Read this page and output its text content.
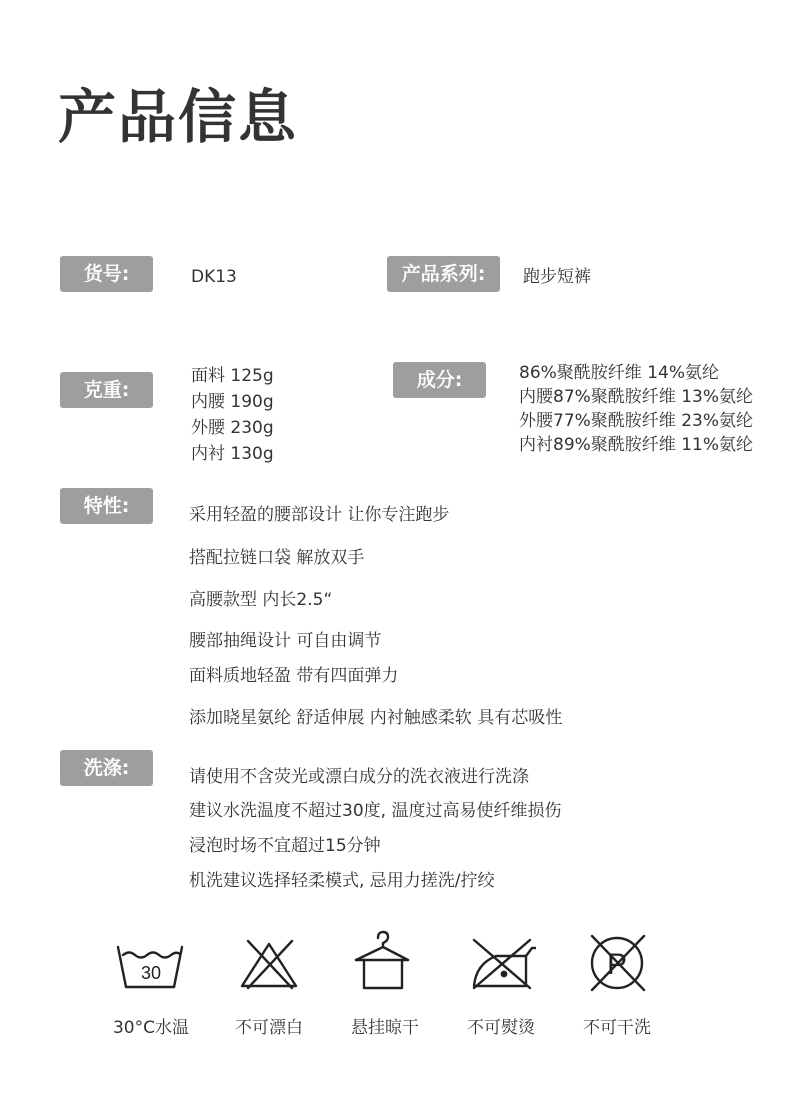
产品信息
货号:	DK13	产品系列:	跑步短裤
克重:
面料 125g
内腰 190g
外腰 230g
内衬 130g
成分:	86%聚酰胺纤维 14%氨纶
内腰87%聚酰胺纤维 13%氨纶
外腰77%聚酰胺纤维 23%氨纶
内衬89%聚酰胺纤维 11%氨纶
特性:	采用轻盈的腰部设计 让你专注跑步
搭配拉链口袋 解放双手
高腰款型 内长2.5“
腰部抽绳设计 可自由调节
面料质地轻盈 带有四面弹力
添加晓星氨纶 舒适伸展 内衬触感柔软 具有芯吸性
洗涤:	请使用不含荧光或漂白成分的洗衣液进行洗涤
建议水洗温度不超过30度, 温度过高易使纤维损伤
浸泡时场不宜超过15分钟
机洗建议选择轻柔模式, 忌用力搓洗/拧绞
30
30°C水温	不可漂白	悬挂晾干	不可熨烫
P
不可干洗
